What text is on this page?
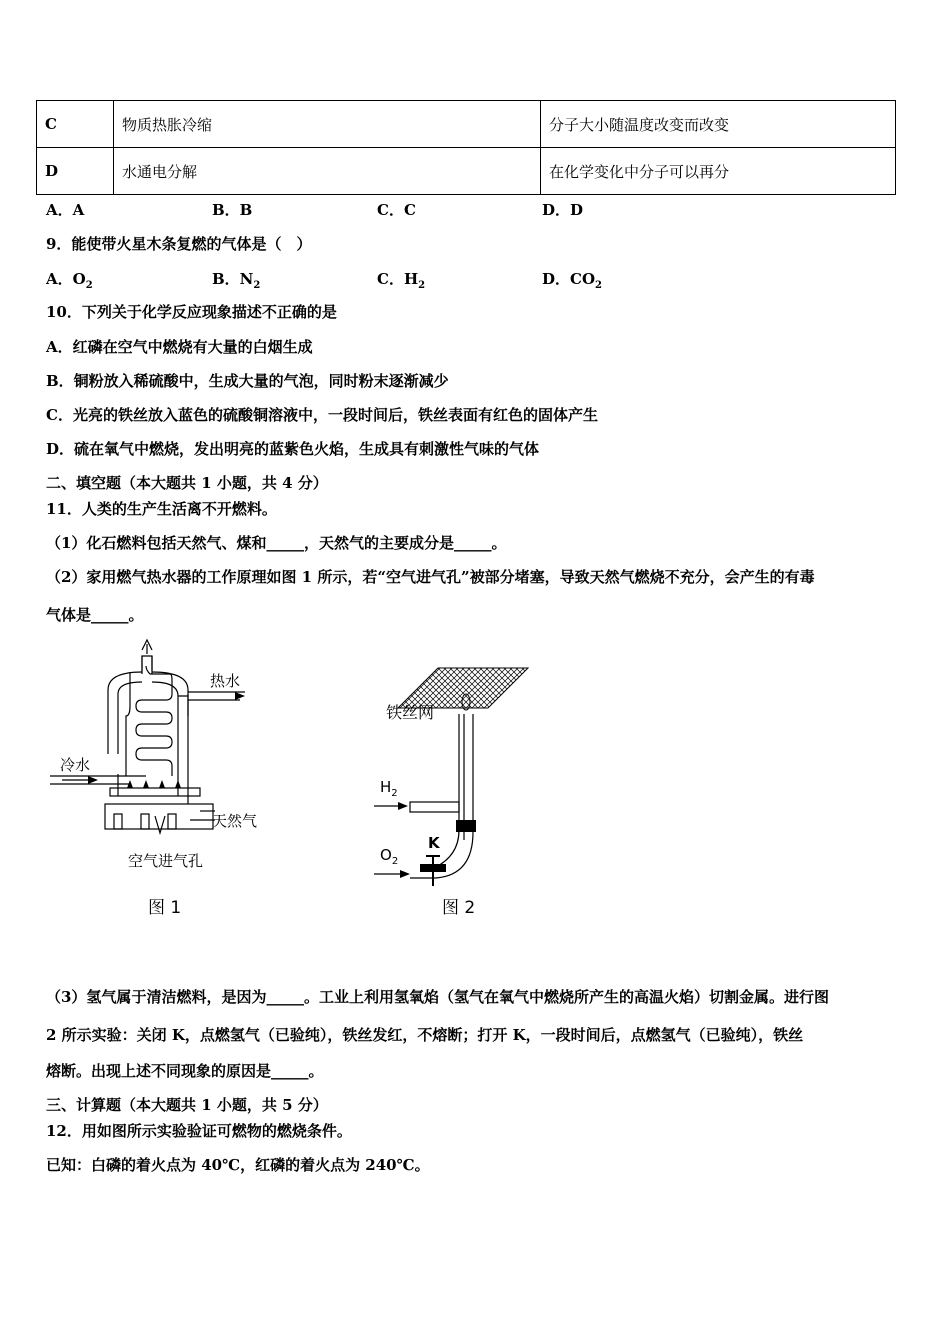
C	物质热胀冷缩	分子大小随温度改变而改变
D	水通电分解	在化学变化中分子可以再分
A．A	B．B	C．C	D．D
9．能使带火星木条复燃的气体是（　）
A．$O_2$	B．$N_2$	C．$H_2$	D．$CO_2$
10．下列关于化学反应现象描述不正确的是
A．红磷在空气中燃烧有大量的白烟生成
B．铜粉放入稀硫酸中，生成大量的气泡，同时粉末逐渐减少
C．光亮的铁丝放入蓝色的硫酸铜溶液中，一段时间后，铁丝表面有红色的固体产生
D．硫在氧气中燃烧，发出明亮的蓝紫色火焰，生成具有刺激性气味的气体
二、填空题（本大题共 1 小题，共 4 分）
11．人类的生产生活离不开燃料。
（1）化石燃料包括天然气、煤和_____，天然气的主要成分是_____。
（2）家用燃气热水器的工作原理如图 1 所示，若“空气进气孔”被部分堵塞，导致天然气燃烧不充分，会产生的有毒
气体是_____。
热水
冷水
天然气
空气进气孔
图 1
铁丝网
$H_2$
$O_2$
K
图 2
（3）氢气属于清洁燃料，是因为_____。工业上利用氢氧焰（氢气在氧气中燃烧所产生的高温火焰）切割金属。进行图
2 所示实验：关闭 K，点燃氢气（已验纯），铁丝发红，不熔断；打开 K，一段时间后，点燃氢气（已验纯），铁丝
熔断。出现上述不同现象的原因是_____。
三、计算题（本大题共 1 小题，共 5 分）
12．用如图所示实验验证可燃物的燃烧条件。
已知：白磷的着火点为 40℃，红磷的着火点为 240℃。
